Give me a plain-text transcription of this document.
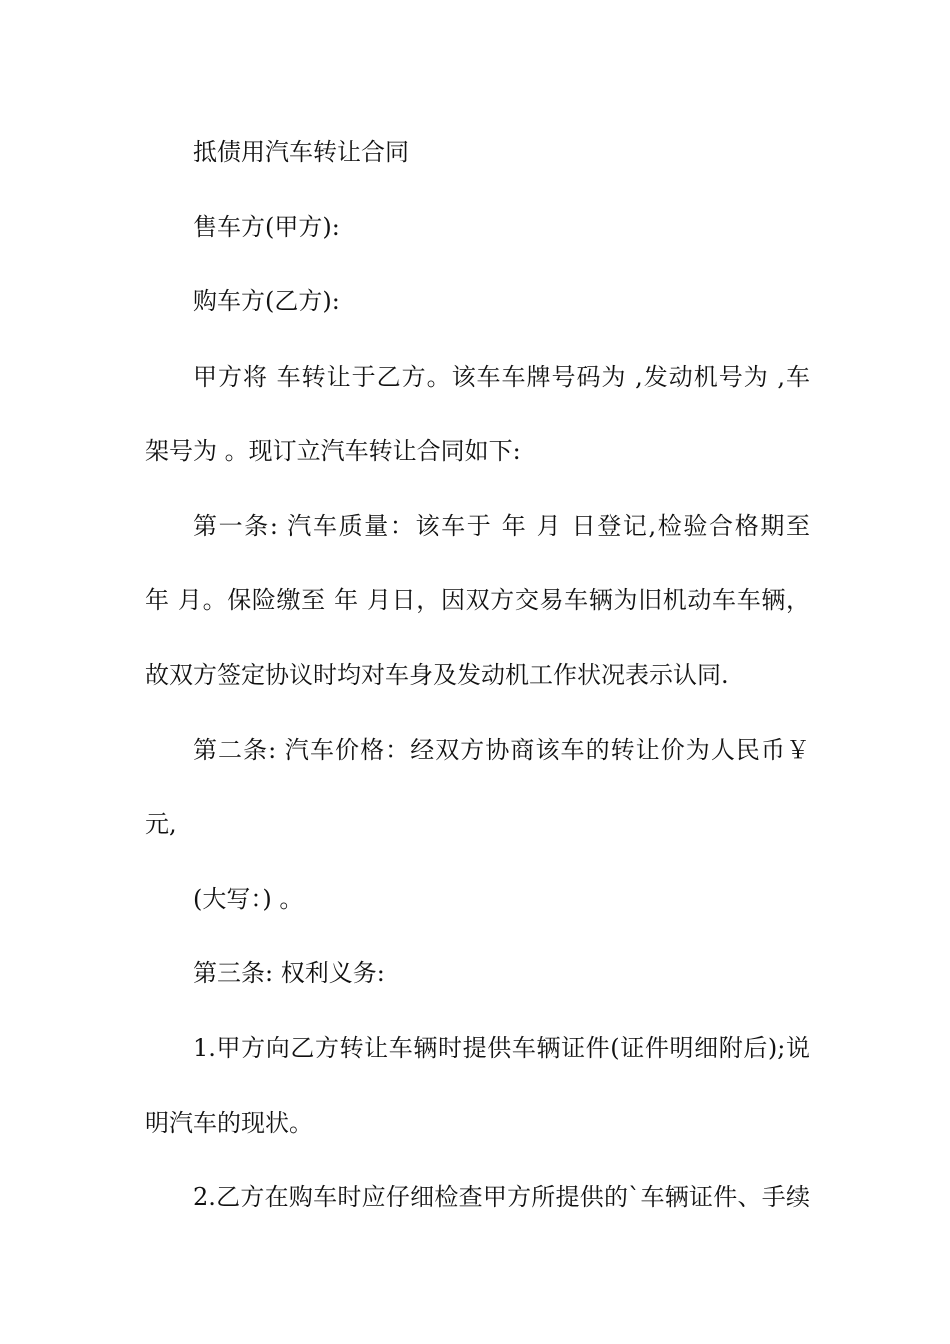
抵债用汽车转让合同
售车方(甲方):
购车方(乙方):
甲方将 车转让于乙方。该车车牌号码为 ,发动机号为 ,车
架号为 。现订立汽车转让合同如下:
第一条: 汽车质量：该车于 年 月 日登记,检验合格期至
年 月。保险缴至 年 月日，因双方交易车辆为旧机动车车辆，
故双方签定协议时均对车身及发动机工作状况表示认同.
第二条: 汽车价格：经双方协商该车的转让价为人民币￥
元,
(大写：) 。
第三条: 权利义务:
1.甲方向乙方转让车辆时提供车辆证件(证件明细附后);说
明汽车的现状。
2.乙方在购车时应仔细检查甲方所提供的`车辆证件、手续
